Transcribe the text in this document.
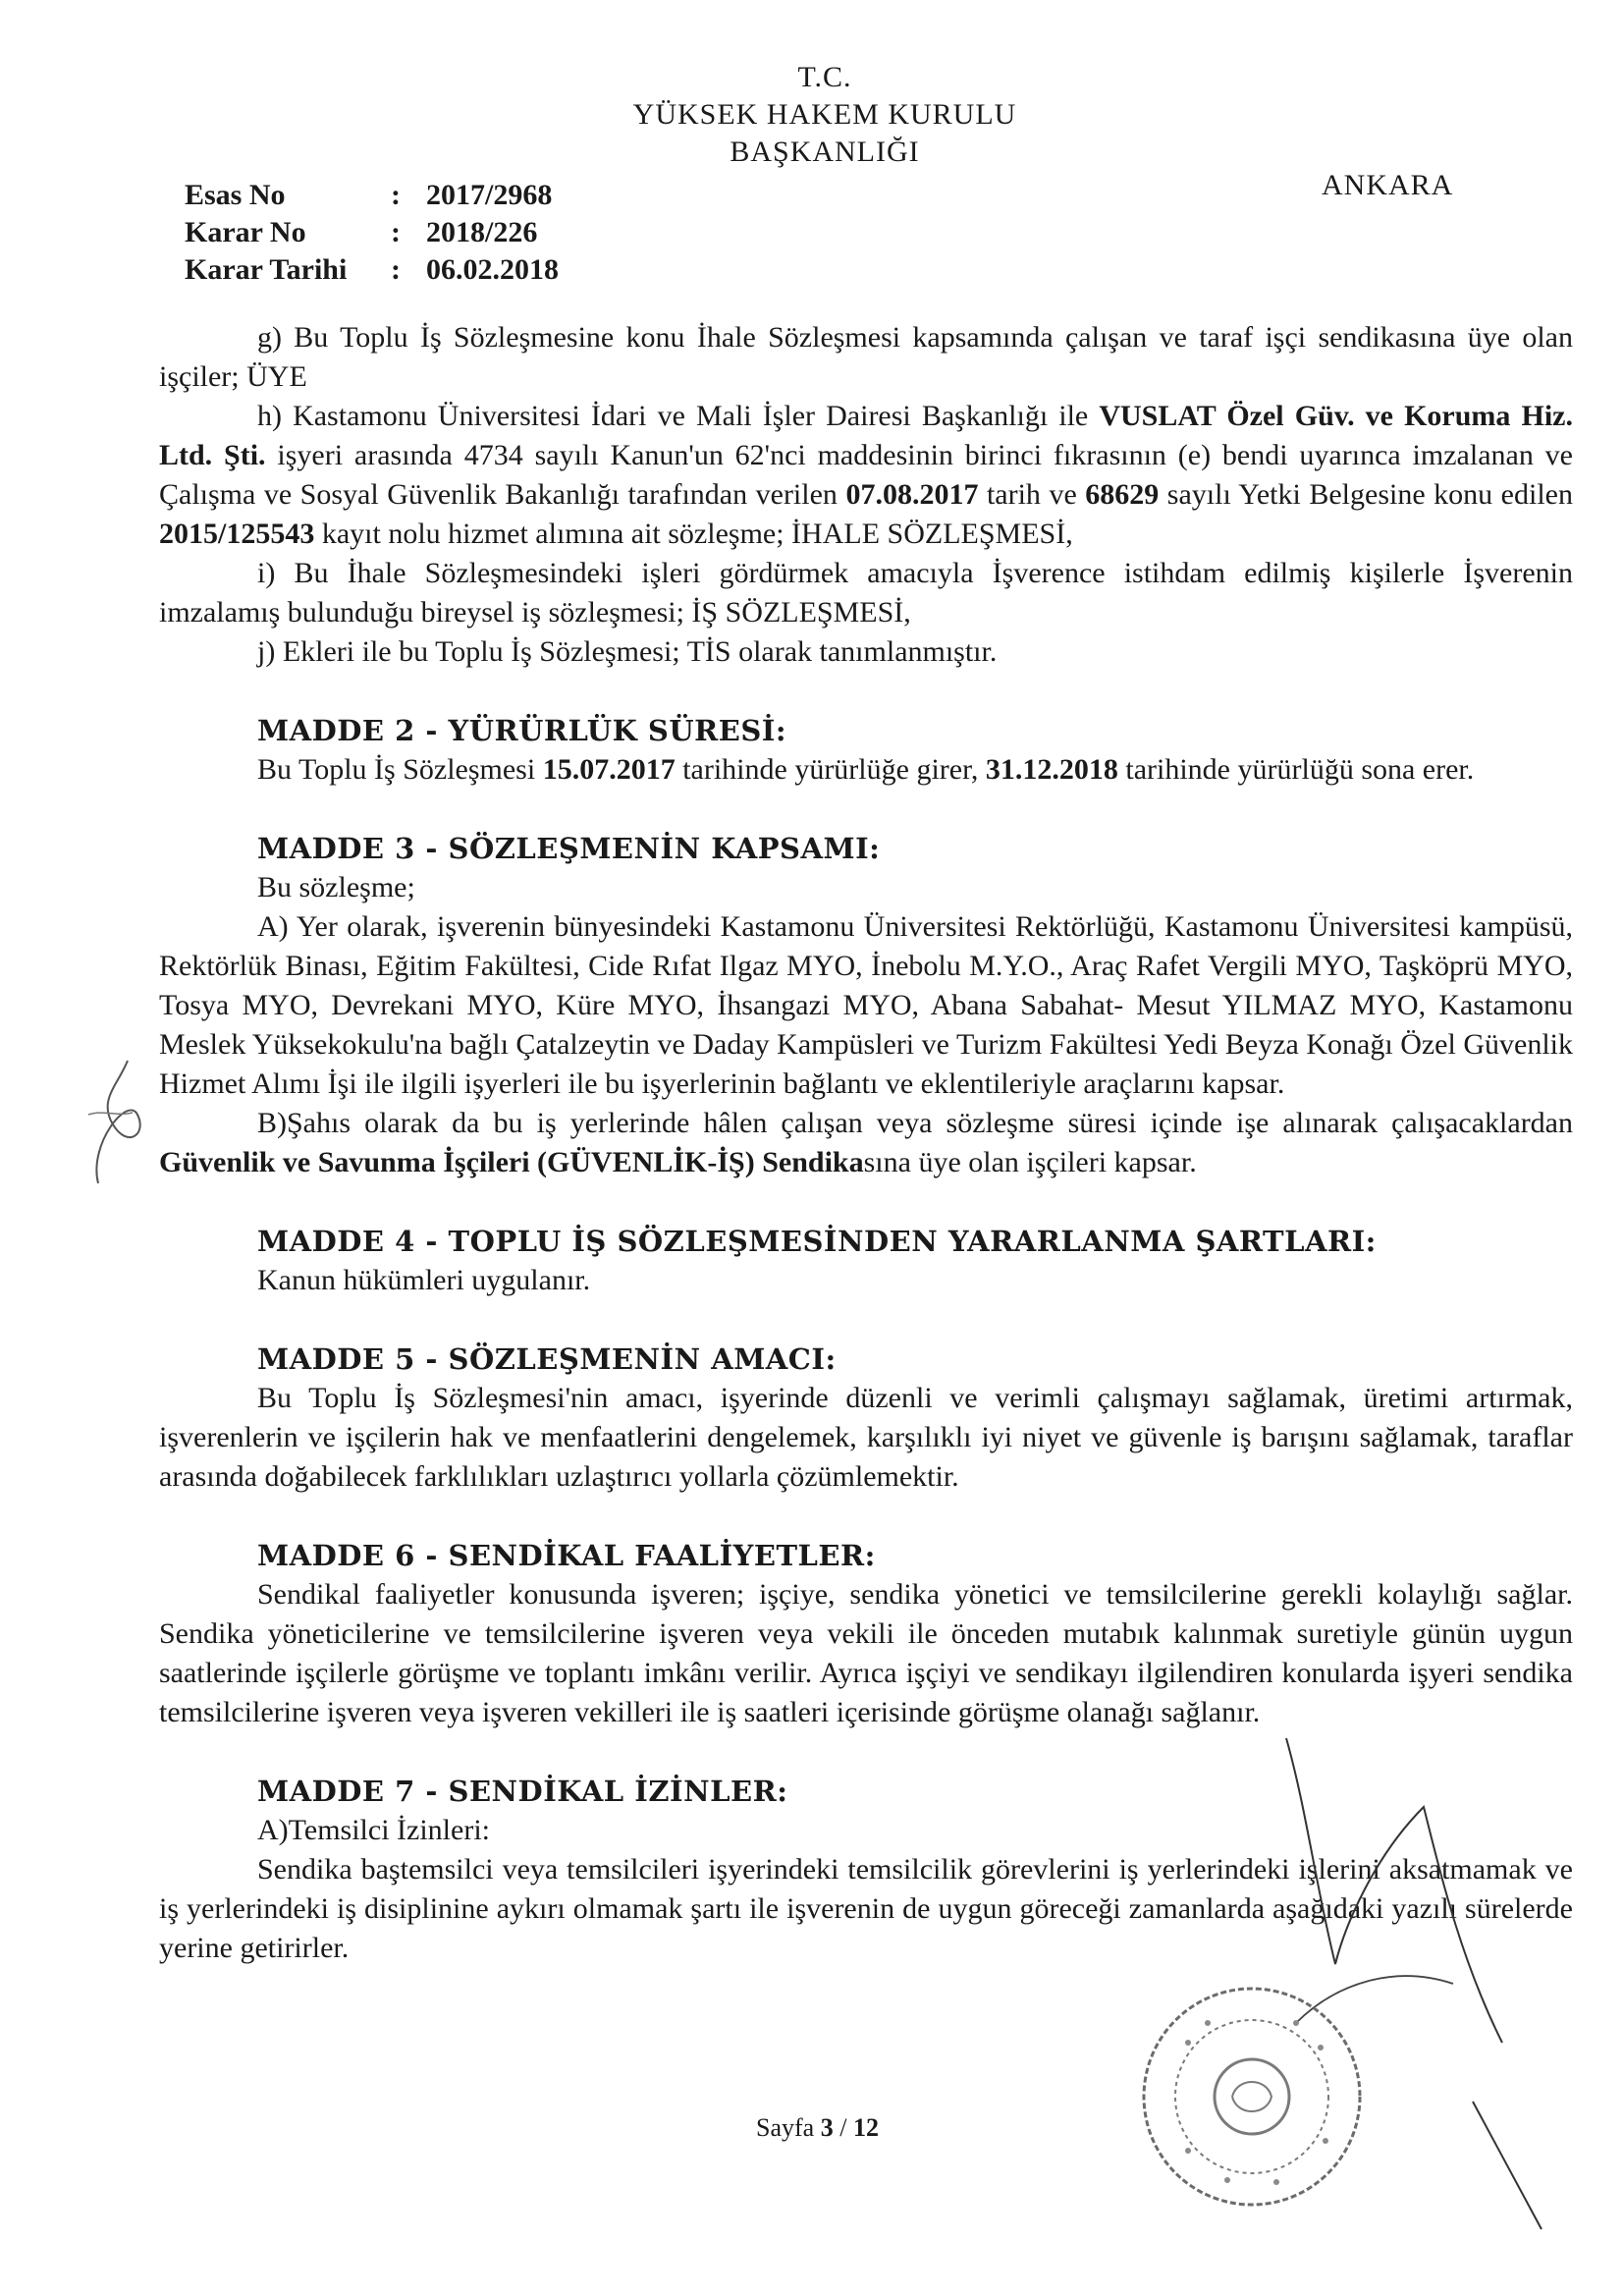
T.C.
YÜKSEK HAKEM KURULU
BAŞKANLIĞI
ANKARA
Esas No	: 2017/2968
Karar No	: 2018/226
Karar Tarihi : 06.02.2018

g) Bu Toplu İş Sözleşmesine konu İhale Sözleşmesi kapsamında çalışan ve taraf işçi sendikasına üye olan işçiler; ÜYE

h) Kastamonu Üniversitesi İdari ve Mali İşler Dairesi Başkanlığı ile VUSLAT Özel Güv. ve Koruma Hiz. Ltd. Şti. işyeri arasında 4734 sayılı Kanun'un 62'nci maddesinin birinci fıkrasının (e) bendi uyarınca imzalanan ve Çalışma ve Sosyal Güvenlik Bakanlığı tarafından verilen 07.08.2017 tarih ve 68629 sayılı Yetki Belgesine konu edilen 2015/125543 kayıt nolu hizmet alımına ait sözleşme; İHALE SÖZLEŞMESİ,

i) Bu İhale Sözleşmesindeki işleri gördürmek amacıyla İşverence istihdam edilmiş kişilerle İşverenin imzalamış bulunduğu bireysel iş sözleşmesi; İŞ SÖZLEŞMESİ,

j) Ekleri ile bu Toplu İş Sözleşmesi; TİS olarak tanımlanmıştır.

MADDE 2 - YÜRÜRLÜK SÜRESİ:

Bu Toplu İş Sözleşmesi 15.07.2017 tarihinde yürürlüğe girer, 31.12.2018 tarihinde yürürlüğü sona erer.

MADDE 3 - SÖZLEŞMENİN KAPSAMI:

Bu sözleşme;

A) Yer olarak, işverenin bünyesindeki Kastamonu Üniversitesi Rektörlüğü, Kastamonu Üniversitesi kampüsü, Rektörlük Binası, Eğitim Fakültesi, Cide Rıfat Ilgaz MYO, İnebolu M.Y.O., Araç Rafet Vergili MYO, Taşköprü MYO, Tosya MYO, Devrekani MYO, Küre MYO, İhsangazi MYO, Abana Sabahat- Mesut YILMAZ MYO, Kastamonu Meslek Yüksekokulu'na bağlı Çatalzeytin ve Daday Kampüsleri ve Turizm Fakültesi Yedi Beyza Konağı Özel Güvenlik Hizmet Alımı İşi ile ilgili işyerleri ile bu işyerlerinin bağlantı ve eklentileriyle araçlarını kapsar.

B)Şahıs olarak da bu iş yerlerinde hâlen çalışan veya sözleşme süresi içinde işe alınarak çalışacaklardan Güvenlik ve Savunma İşçileri (GÜVENLİK-İŞ) Sendikasına üye olan işçileri kapsar.

MADDE 4 - TOPLU İŞ SÖZLEŞMESİNDEN YARARLANMA ŞARTLARI:

Kanun hükümleri uygulanır.

MADDE 5 - SÖZLEŞMENİN AMACI:

Bu Toplu İş Sözleşmesi'nin amacı, işyerinde düzenli ve verimli çalışmayı sağlamak, üretimi artırmak, işverenlerin ve işçilerin hak ve menfaatlerini dengelemek, karşılıklı iyi niyet ve güvenle iş barışını sağlamak, taraflar arasında doğabilecek farklılıkları uzlaştırıcı yollarla çözümlemektir.

MADDE 6 - SENDİKAL FAALİYETLER:

Sendikal faaliyetler konusunda işveren; işçiye, sendika yönetici ve temsilcilerine gerekli kolaylığı sağlar. Sendika yöneticilerine ve temsilcilerine işveren veya vekili ile önceden mutabık kalınmak suretiyle günün uygun saatlerinde işçilerle görüşme ve toplantı imkânı verilir. Ayrıca işçiyi ve sendikayı ilgilendiren konularda işyeri sendika temsilcilerine işveren veya işveren vekilleri ile iş saatleri içerisinde görüşme olanağı sağlanır.

MADDE 7 - SENDİKAL İZİNLER:

A)Temsilci İzinleri:

Sendika baştemsilci veya temsilcileri işyerindeki temsilcilik görevlerini iş yerlerindeki işlerini aksatmamak ve iş yerlerindeki iş disiplinine aykırı olmamak şartı ile işverenin de uygun göreceği zamanlarda aşağıdaki yazılı sürelerde yerine getirirler.

Sayfa 3 / 12
